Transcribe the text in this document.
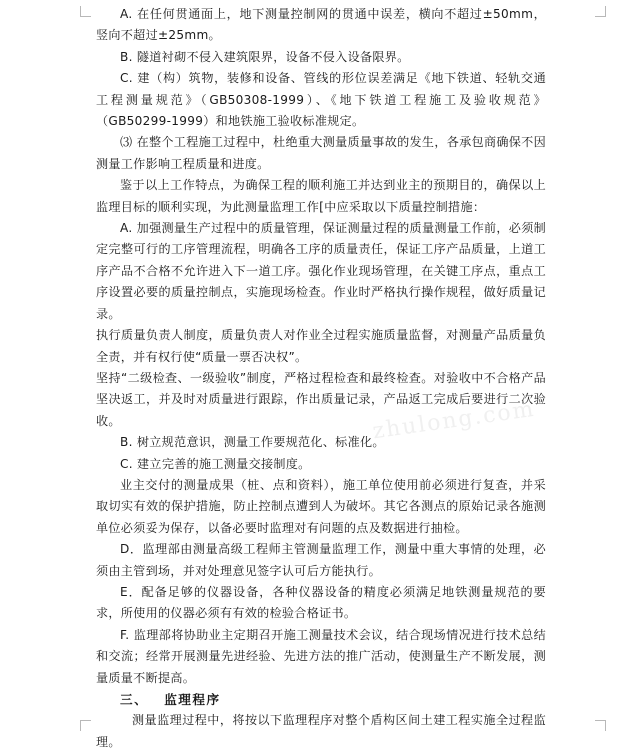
A. 在任何贯通面上，地下测量控制网的贯通中误差，横向不超过±50mm，竖向不超过±25mm。

B. 隧道衬砌不侵入建筑限界，设备不侵入设备限界。

C. 建（构）筑物，装修和设备、管线的形位误差满足《地下铁道、轻轨交通工程测量规范》（GB50308-1999）、《地下铁道工程施工及验收规范》（GB50299-1999）和地铁施工验收标准规定。

⑶ 在整个工程施工过程中，杜绝重大测量质量事故的发生，各承包商确保不因测量工作影响工程质量和进度。

鉴于以上工作特点，为确保工程的顺利施工并达到业主的预期目的，确保以上监理目标的顺利实现，为此测量监理工作[中应采取以下质量控制措施：

A. 加强测量生产过程中的质量管理，保证测量过程的质量测量工作前，必须制定完整可行的工序管理流程，明确各工序的质量责任，保证工序产品质量，上道工序产品不合格不允许进入下一道工序。强化作业现场管理，在关键工序点，重点工序设置必要的质量控制点，实施现场检查。作业时严格执行操作规程，做好质量记录。

执行质量负责人制度，质量负责人对作业全过程实施质量监督，对测量产品质量负全责，并有权行使“质量一票否决权”。

坚持“二级检查、一级验收”制度，严格过程检查和最终检查。对验收中不合格产品坚决返工，并及时对质量进行跟踪，作出质量记录，产品返工完成后要进行二次验收。

B. 树立规范意识，测量工作要规范化、标准化。

C. 建立完善的施工测量交接制度。

业主交付的测量成果（桩、点和资料），施工单位使用前必须进行复查，并采取切实有效的保护措施，防止控制点遭到人为破坏。其它各测点的原始记录各施测单位必须妥为保存，以备必要时监理对有问题的点及数据进行抽检。

D．监理部由测量高级工程师主管测量监理工作，测量中重大事情的处理，必须由主管到场，并对处理意见签字认可后方能执行。

E．配备足够的仪器设备，各种仪器设备的精度必须满足地铁测量规范的要求，所使用的仪器必须有有效的检验合格证书。

F. 监理部将协助业主定期召开施工测量技术会议，结合现场情况进行技术总结和交流；经常开展测量先进经验、先进方法的推广活动，使测量生产不断发展，测量质量不断提高。

三、 监理程序

测量监理过程中，将按以下监理程序对整个盾构区间土建工程实施全过程监理。

zhulong.com
